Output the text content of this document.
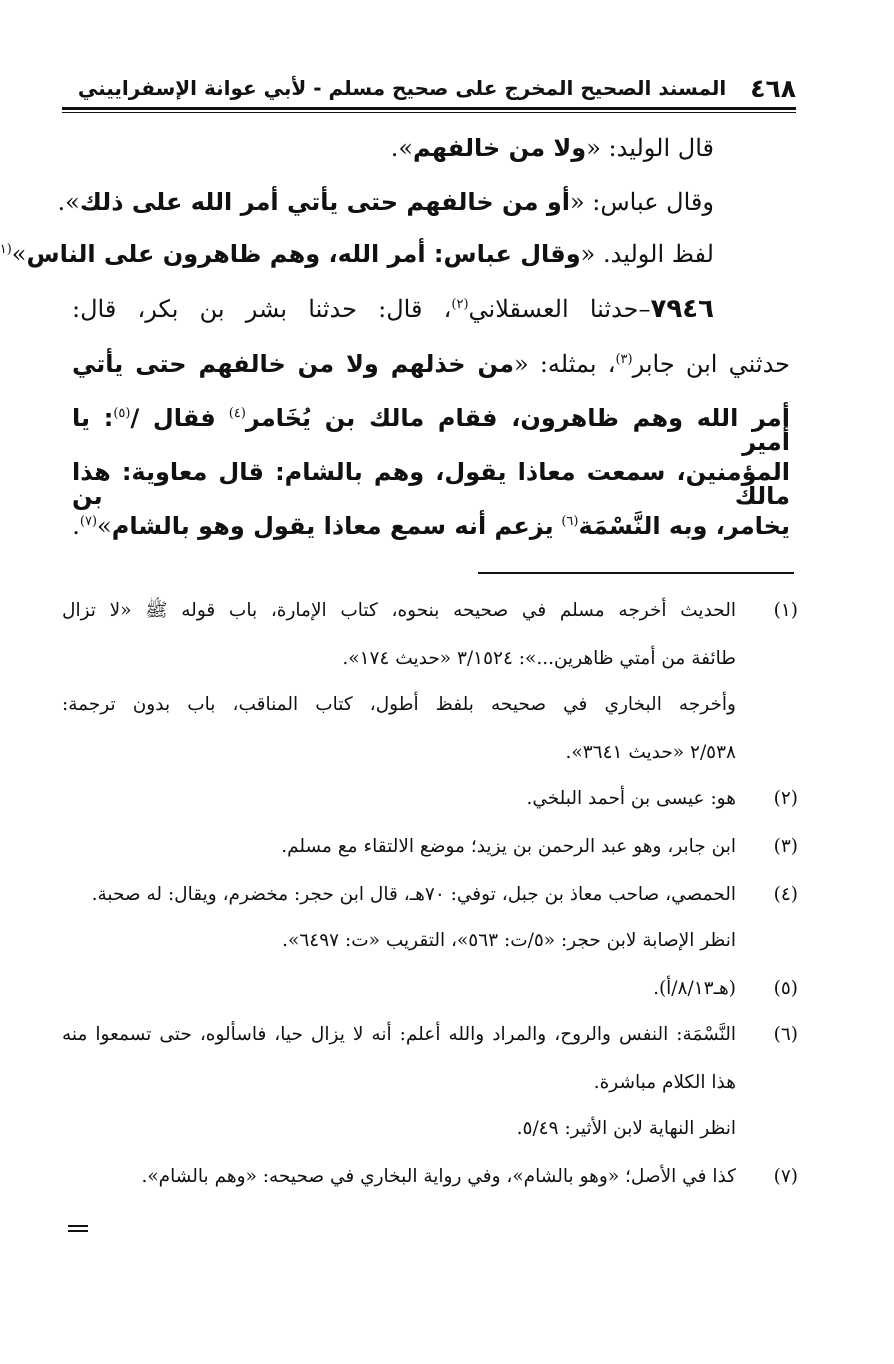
٤٦٨
المسند الصحيح المخرج على صحيح مسلم - لأبي عوانة الإسفراييني
قال الوليد: ‌«ولا من خالفهم»‌.
وقال عباس: ‌«أو من خالفهم حتى يأتي أمر الله على ذلك»‌.
لفظ الوليد. ‌«وقال عباس: أمر الله، وهم ظاهرون على الناس»$^{(١}$
٧٩٤٦–حدثنا العسقلاني$^{(٢)}$، قال: حدثنا بشر بن بكر، قال:
حدثني ابن جابر$^{(٣)}$، بمثله: ‌«من خذلهم ولا من خالفهم حتى يأتي
أمر الله وهم ظاهرون، فقام مالك بن يُخَامر$^{(٤)}$ فقال /$^{(٥)}$: يا أمير
المؤمنين، سمعت معاذا يقول، وهم بالشام: قال معاوية: هذا مالك بن
يخامر، وبه النَّسْمَة$^{(٦)}$ يزعم أنه سمع معاذا يقول وهو بالشام»$^{(٧)}$.
(١)الحديث أخرجه مسلم في صحيحه بنحوه، كتاب الإمارة، باب قوله ﷺ ‌«لا تزال
طائفة من أمتي ظاهرين...‌»: ٣/١٥٢٤ ‌«حديث ١٧٤‌».
وأخرجه البخاري في صحيحه بلفظ أطول، كتاب المناقب، باب بدون ترجمة:
٢/٥٣٨ ‌«حديث ٣٦٤١‌».
(٢)هو: عيسى بن أحمد البلخي.
(٣)ابن جابر، وهو عبد الرحمن بن يزيد؛ موضع الالتقاء مع مسلم.
(٤)الحمصي، صاحب معاذ بن جبل، توفي: ٧٠هـ، قال ابن حجر: مخضرم، ويقال: له صحبة.
انظر الإصابة لابن حجر: ‌«٥/ت: ٥٦٣‌»، التقريب ‌«ت: ٦٤٩٧‌».
(٥)(هـ٨/١٣/أ).
(٦)النَّسْمَة: النفس والروح، والمراد والله أعلم: أنه لا يزال حيا، فاسألوه، حتى تسمعوا منه
هذا الكلام مباشرة.
انظر النهاية لابن الأثير: ٥/٤٩.
(٧)كذا في الأصل؛ ‌«وهو بالشام‌»، وفي رواية البخاري في صحيحه: ‌«وهم بالشام‌».
